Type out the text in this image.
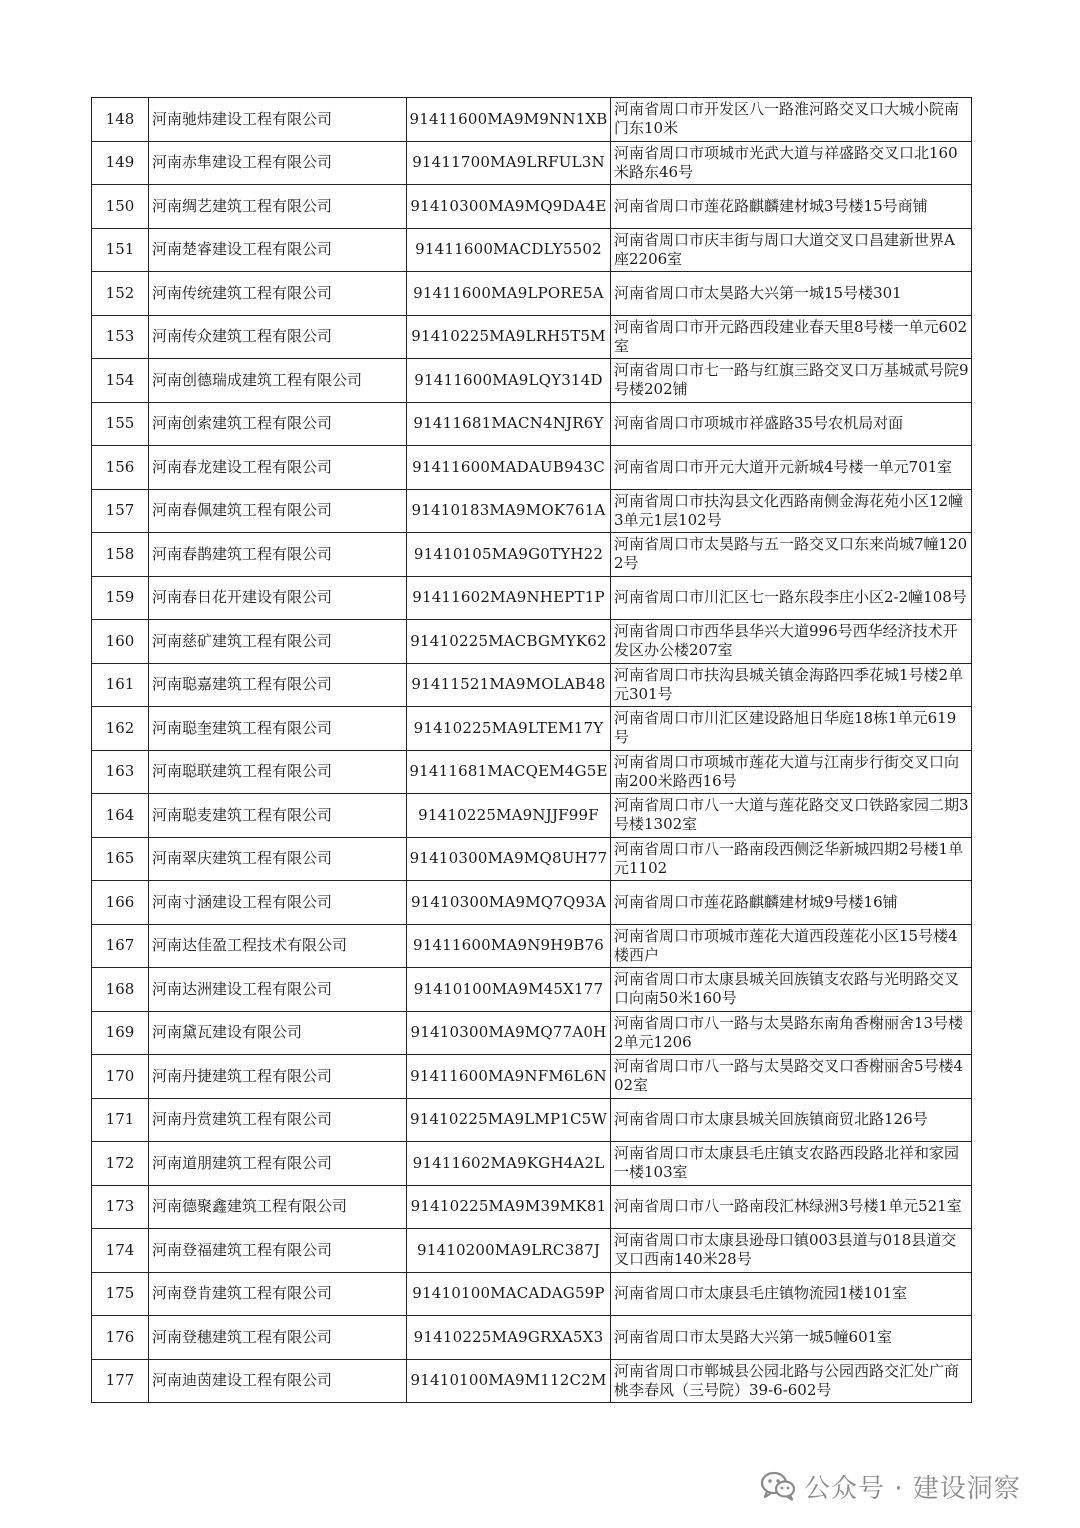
148	河南驰炜建设工程有限公司	91411600MA9M9NN1XB	河南省周口市开发区八一路淮河路交叉口大城小院南门东10米
149	河南赤隼建设工程有限公司	91411700MA9LRFUL3N	河南省周口市项城市光武大道与祥盛路交叉口北160米路东46号
150	河南绸艺建筑工程有限公司	91410300MA9MQ9DA4E	河南省周口市莲花路麒麟建材城3号楼15号商铺
151	河南楚睿建设工程有限公司	91411600MACDLY5502	河南省周口市庆丰街与周口大道交叉口昌建新世界A座2206室
152	河南传统建筑工程有限公司	91411600MA9LPORE5A	河南省周口市太昊路大兴第一城15号楼301
153	河南传众建筑工程有限公司	91410225MA9LRH5T5M	河南省周口市开元路西段建业春天里8号楼一单元602室
154	河南创德瑞成建筑工程有限公司	91411600MA9LQY314D	河南省周口市七一路与红旗三路交叉口万基城贰号院9号楼202铺
155	河南创索建筑工程有限公司	91411681MACN4NJR6Y	河南省周口市项城市祥盛路35号农机局对面
156	河南春龙建设工程有限公司	91411600MADAUB943C	河南省周口市开元大道开元新城4号楼一单元701室
157	河南春佩建筑工程有限公司	91410183MA9MOK761A	河南省周口市扶沟县文化西路南侧金海花苑小区12幢3单元1层102号
158	河南春鹊建筑工程有限公司	91410105MA9G0TYH22	河南省周口市太昊路与五一路交叉口东来尚城7幢1202号
159	河南春日花开建设有限公司	91411602MA9NHEPT1P	河南省周口市川汇区七一路东段李庄小区2-2幢108号
160	河南慈矿建筑工程有限公司	91410225MACBGMYK62	河南省周口市西华县华兴大道996号西华经济技术开发区办公楼207室
161	河南聪嘉建筑工程有限公司	91411521MA9MOLAB48	河南省周口市扶沟县城关镇金海路四季花城1号楼2单元301号
162	河南聪奎建筑工程有限公司	91410225MA9LTEM17Y	河南省周口市川汇区建设路旭日华庭18栋1单元619号
163	河南聪联建筑工程有限公司	91411681MACQEM4G5E	河南省周口市项城市莲花大道与江南步行街交叉口向南200米路西16号
164	河南聪麦建筑工程有限公司	91410225MA9NJJF99F	河南省周口市八一大道与莲花路交叉口铁路家园二期3号楼1302室
165	河南翠庆建筑工程有限公司	91410300MA9MQ8UH77	河南省周口市八一路南段西侧泛华新城四期2号楼1单元1102
166	河南寸涵建设工程有限公司	91410300MA9MQ7Q93A	河南省周口市莲花路麒麟建材城9号楼16铺
167	河南达佳盈工程技术有限公司	91411600MA9N9H9B76	河南省周口市项城市莲花大道西段莲花小区15号楼4楼西户
168	河南达洲建设工程有限公司	91410100MA9M45X177	河南省周口市太康县城关回族镇支农路与光明路交叉口向南50米160号
169	河南黛瓦建设有限公司	91410300MA9MQ77A0H	河南省周口市八一路与太昊路东南角香榭丽舍13号楼2单元1206
170	河南丹捷建筑工程有限公司	91411600MA9NFM6L6N	河南省周口市八一路与太昊路交叉口香榭丽舍5号楼402室
171	河南丹赏建筑工程有限公司	91410225MA9LMP1C5W	河南省周口市太康县城关回族镇商贸北路126号
172	河南道朋建筑工程有限公司	91411602MA9KGH4A2L	河南省周口市太康县毛庄镇支农路西段路北祥和家园一楼103室
173	河南德聚鑫建筑工程有限公司	91410225MA9M39MK81	河南省周口市八一路南段汇林绿洲3号楼1单元521室
174	河南登福建筑工程有限公司	91410200MA9LRC387J	河南省周口市太康县逊母口镇003县道与018县道交叉口西南140米28号
175	河南登肯建筑工程有限公司	91410100MACADAG59P	河南省周口市太康县毛庄镇物流园1楼101室
176	河南登穗建筑工程有限公司	91410225MA9GRXA5X3	河南省周口市太昊路大兴第一城5幢601室
177	河南迪茵建设工程有限公司	91410100MA9M112C2M	河南省周口市郸城县公园北路与公园西路交汇处广商桃李春风（三号院）39-6-602号
公众号 · 建设洞察
